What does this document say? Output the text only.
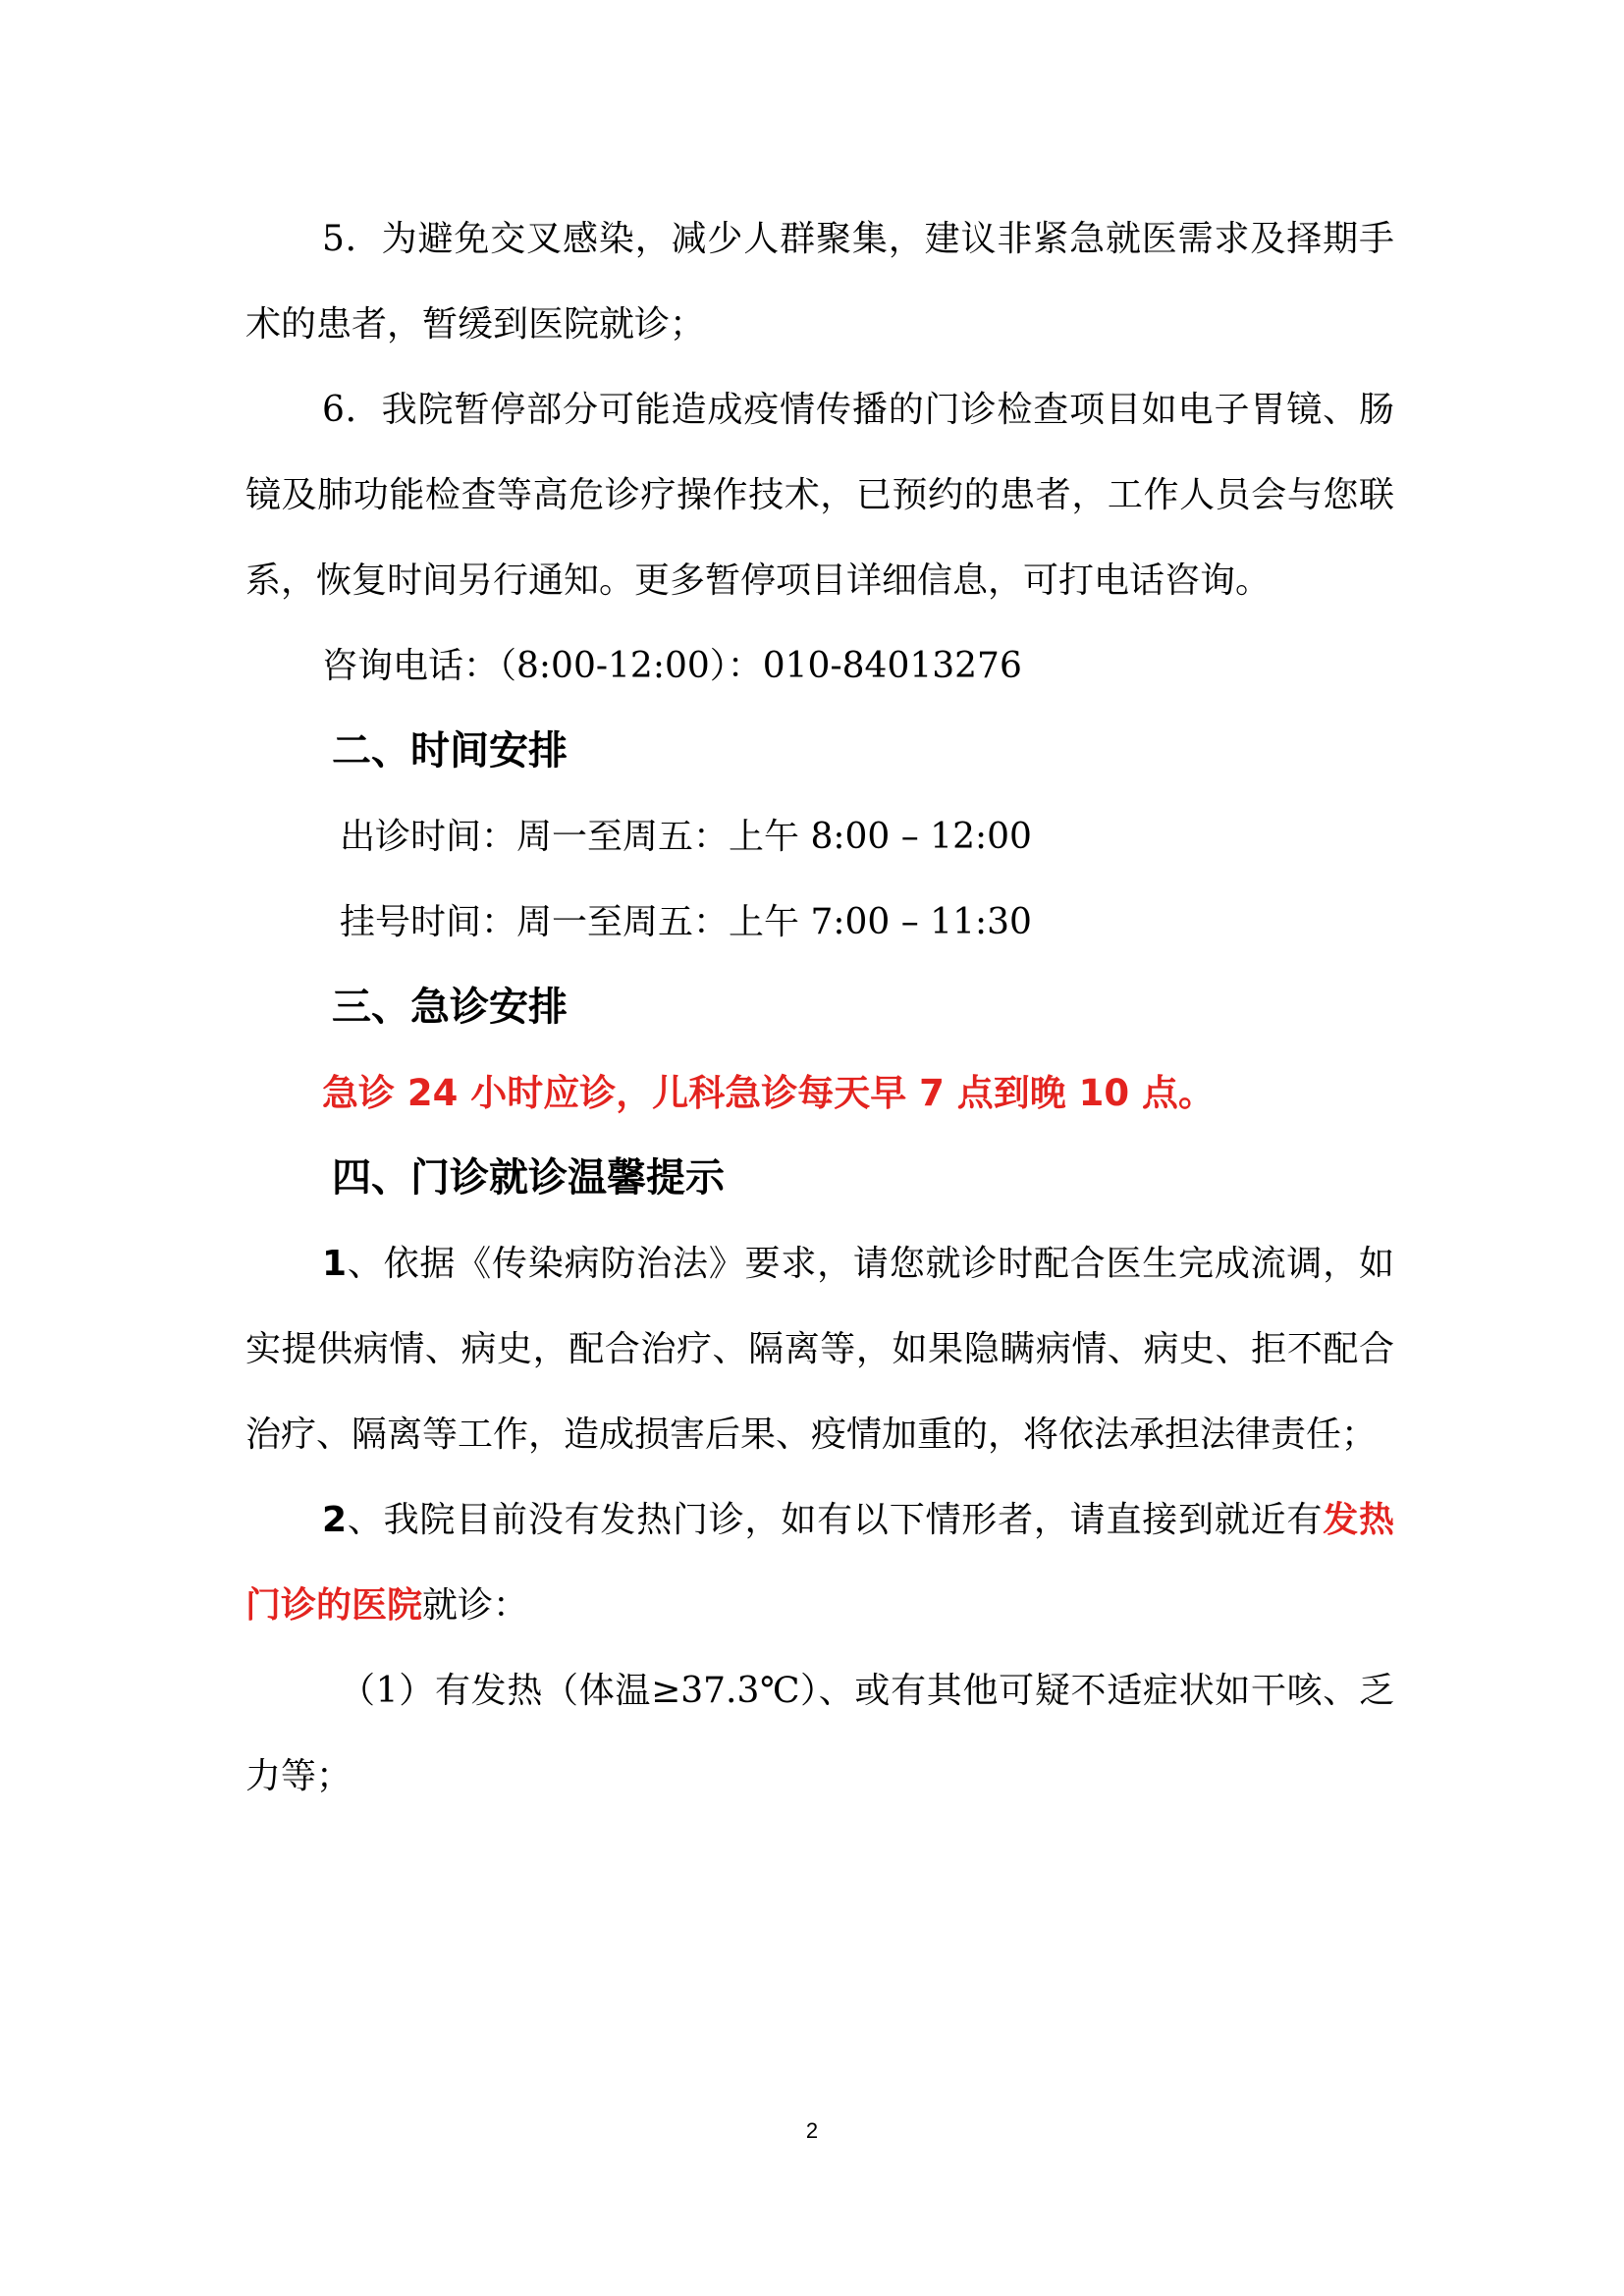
5．为避免交叉感染，减少人群聚集，建议非紧急就医需求及择期手术的患者，暂缓到医院就诊；

6．我院暂停部分可能造成疫情传播的门诊检查项目如电子胃镜、肠镜及肺功能检查等高危诊疗操作技术，已预约的患者，工作人员会与您联系，恢复时间另行通知。更多暂停项目详细信息，可打电话咨询。

咨询电话：（8:00-12:00）：010-84013276

二、时间安排

出诊时间：周一至周五：上午 8:00 – 12:00

挂号时间：周一至周五：上午 7:00 – 11:30

三、急诊安排

急诊 24 小时应诊，儿科急诊每天早 7 点到晚 10 点。

四、门诊就诊温馨提示

1、依据《传染病防治法》要求，请您就诊时配合医生完成流调，如实提供病情、病史，配合治疗、隔离等，如果隐瞒病情、病史、拒不配合治疗、隔离等工作，造成损害后果、疫情加重的，将依法承担法律责任；

2、我院目前没有发热门诊，如有以下情形者，请直接到就近有发热门诊的医院就诊：

（1）有发热（体温≥37.3℃）、或有其他可疑不适症状如干咳、乏力等；

2
